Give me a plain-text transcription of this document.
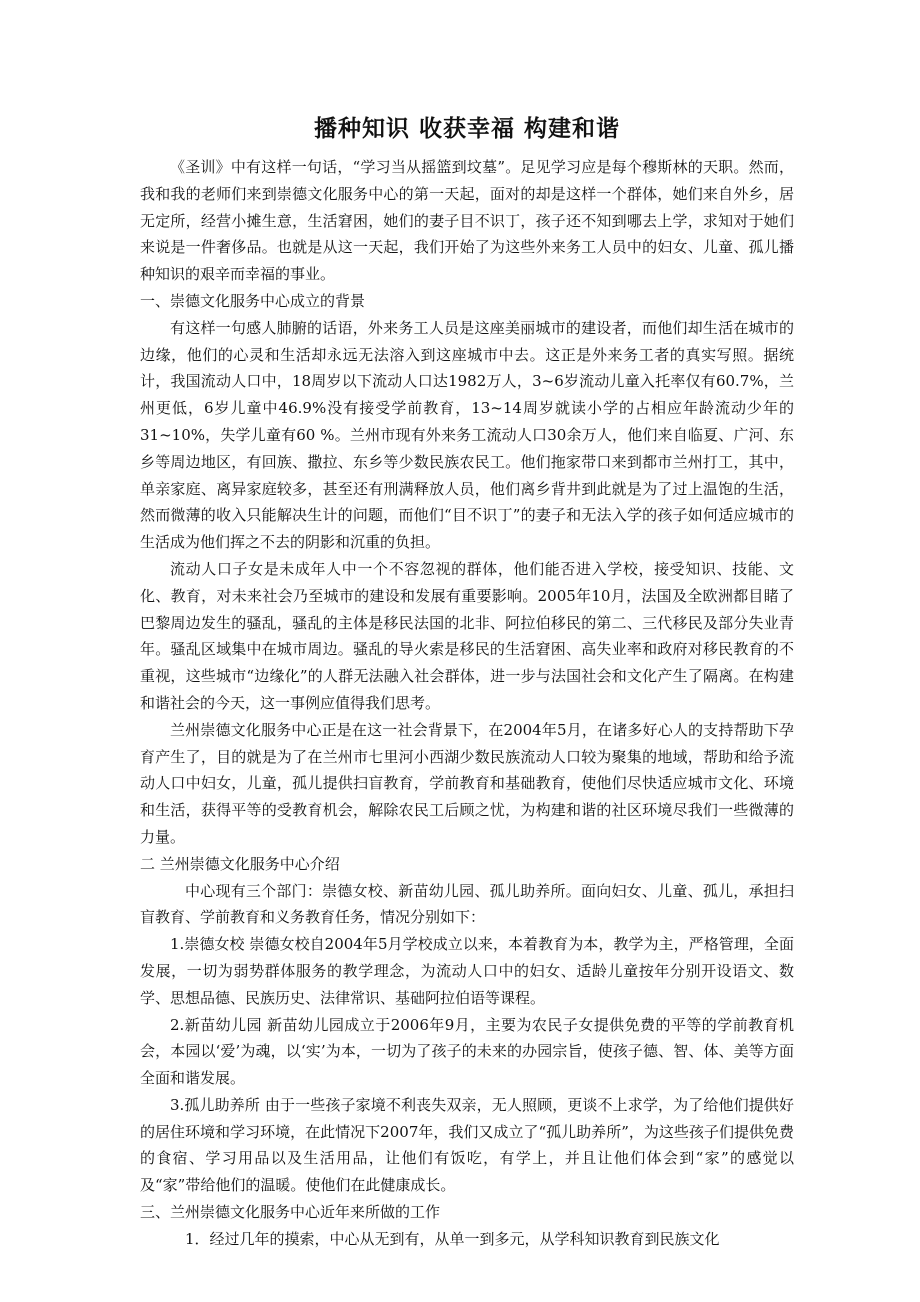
播种知识 收获幸福 构建和谐

《圣训》中有这样一句话，“学习当从摇篮到坟墓”。足见学习应是每个穆斯林的天职。然而，我和我的老师们来到崇德文化服务中心的第一天起，面对的却是这样一个群体，她们来自外乡，居无定所，经营小摊生意，生活窘困，她们的妻子目不识丁，孩子还不知到哪去上学，求知对于她们来说是一件奢侈品。也就是从这一天起，我们开始了为这些外来务工人员中的妇女、儿童、孤儿播种知识的艰辛而幸福的事业。

一、崇德文化服务中心成立的背景

有这样一句感人肺腑的话语，外来务工人员是这座美丽城市的建设者，而他们却生活在城市的边缘，他们的心灵和生活却永远无法溶入到这座城市中去。这正是外来务工者的真实写照。据统计，我国流动人口中，18周岁以下流动人口达1982万人，3~6岁流动儿童入托率仅有60.7%，兰州更低，6岁儿童中46.9%没有接受学前教育，13~14周岁就读小学的占相应年龄流动少年的31~10%，失学儿童有60 %。兰州市现有外来务工流动人口30余万人，他们来自临夏、广河、东乡等周边地区，有回族、撒拉、东乡等少数民族农民工。他们拖家带口来到都市兰州打工，其中，单亲家庭、离异家庭较多，甚至还有刑满释放人员，他们离乡背井到此就是为了过上温饱的生活，然而微薄的收入只能解决生计的问题，而他们“目不识丁”的妻子和无法入学的孩子如何适应城市的生活成为他们挥之不去的阴影和沉重的负担。

流动人口子女是未成年人中一个不容忽视的群体，他们能否进入学校，接受知识、技能、文化、教育，对未来社会乃至城市的建设和发展有重要影响。2005年10月，法国及全欧洲都目睹了巴黎周边发生的骚乱，骚乱的主体是移民法国的北非、阿拉伯移民的第二、三代移民及部分失业青年。骚乱区域集中在城市周边。骚乱的导火索是移民的生活窘困、高失业率和政府对移民教育的不重视，这些城市“边缘化”的人群无法融入社会群体，进一步与法国社会和文化产生了隔离。在构建和谐社会的今天，这一事例应值得我们思考。

兰州崇德文化服务中心正是在这一社会背景下，在2004年5月，在诸多好心人的支持帮助下孕育产生了，目的就是为了在兰州市七里河小西湖少数民族流动人口较为聚集的地域，帮助和给予流动人口中妇女，儿童，孤儿提供扫盲教育，学前教育和基础教育，使他们尽快适应城市文化、环境和生活，获得平等的受教育机会，解除农民工后顾之忧，为构建和谐的社区环境尽我们一些微薄的力量。

二 兰州崇德文化服务中心介绍

中心现有三个部门：崇德女校、新苗幼儿园、孤儿助养所。面向妇女、儿童、孤儿，承担扫盲教育、学前教育和义务教育任务，情况分别如下：

1.崇德女校 崇德女校自2004年5月学校成立以来，本着教育为本，教学为主，严格管理，全面发展，一切为弱势群体服务的教学理念，为流动人口中的妇女、适龄儿童按年分别开设语文、数学、思想品德、民族历史、法律常识、基础阿拉伯语等课程。

2.新苗幼儿园 新苗幼儿园成立于2006年9月，主要为农民子女提供免费的平等的学前教育机会，本园以‘爱’为魂，以‘实’为本，一切为了孩子的未来的办园宗旨，使孩子德、智、体、美等方面全面和谐发展。

3.孤儿助养所 由于一些孩子家境不利丧失双亲，无人照顾，更谈不上求学，为了给他们提供好的居住环境和学习环境，在此情况下2007年，我们又成立了“孤儿助养所”，为这些孩子们提供免费的食宿、学习用品以及生活用品，让他们有饭吃，有学上，并且让他们体会到“家”的感觉以及“家”带给他们的温暖。使他们在此健康成长。

三、兰州崇德文化服务中心近年来所做的工作

1．经过几年的摸索，中心从无到有，从单一到多元，从学科知识教育到民族文化
